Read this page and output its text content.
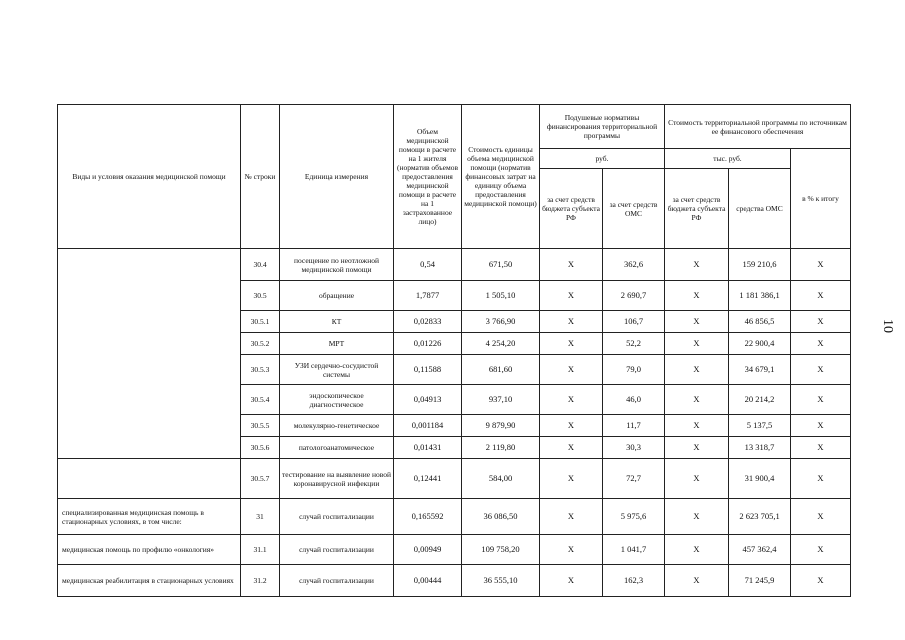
Виды и условия оказания медицинской помощи	№ строки	Единица измерения	Объем медицинской помощи в расчете на 1 жителя (норматив объемов предоставления медицинской помощи в расчете на 1 застрахованное лицо)	Стоимость единицы объема медицинской помощи (норматив финансовых затрат на единицу объема предоставления медицинской помощи)	Подушевые нормативы финансирования территориальной программы		Стоимость территориальной программы по источникам ее финансового обеспечения		
					руб.		тыс. руб.		в % к итогу
					за счет средств бюджета субъекта РФ	за счет средств ОМС	за счет средств бюджета субъекта РФ	средства ОМС	
	30.4	посещение по неотложной медицинской помощи	0,54	671,50	Х	362,6	Х	159 210,6	Х
	30.5	обращение	1,7877	1 505,10	Х	2 690,7	Х	1 181 386,1	Х
	30.5.1	КТ	0,02833	3 766,90	Х	106,7	Х	46 856,5	Х
	30.5.2	МРТ	0,01226	4 254,20	Х	52,2	Х	22 900,4	Х
	30.5.3	УЗИ сердечно-сосудистой системы	0,11588	681,60	Х	79,0	Х	34 679,1	Х
	30.5.4	эндоскопическое диагностическое	0,04913	937,10	Х	46,0	Х	20 214,2	Х
	30.5.5	молекулярно-генетическое	0,001184	9 879,90	Х	11,7	Х	5 137,5	Х
	30.5.6	патологоанатомическое	0,01431	2 119,80	Х	30,3	Х	13 318,7	Х
	30.5.7	тестирование на выявление новой коронавирусной инфекции	0,12441	584,00	Х	72,7	Х	31 900,4	Х
специализированная медицинская помощь в стационарных условиях, в том числе:	31	случай госпитализации	0,165592	36 086,50	Х	5 975,6	Х	2 623 705,1	Х
медицинская помощь по профилю «онкология»	31.1	случай госпитализации	0,00949	109 758,20	Х	1 041,7	Х	457 362,4	Х
медицинская реабилитация в стационарных условиях	31.2	случай госпитализации	0,00444	36 555,10	Х	162,3	Х	71 245,9	Х
10
